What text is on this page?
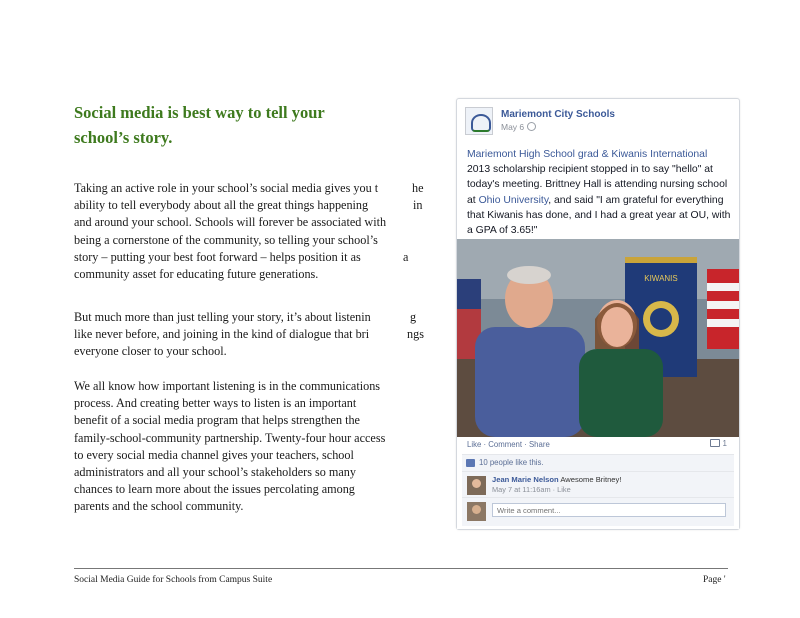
Social media is best way to tell your
school’s story.
Taking an active role in your school’s social media gives you t	he
ability to tell everybody about all the great things happening	in
and around your school. Schools will forever be associated with
being a cornerstone of the community, so telling your school’s
story – putting your best foot forward – helps position it as	a
community asset for educating future generations.
But much more than just telling your story, it’s about listenin	g
like never before, and joining in the kind of dialogue that bri	ngs
everyone closer to your school.
We all know how important listening is in the communications
process. And creating better ways to listen is an important
benefit of a social media program that helps strengthen the
family-school-community partnership. Twenty-four hour access
to every social media channel gives your teachers, school
administrators and all your school’s stakeholders so many
chances to learn more about the issues percolating among
parents and the school community.
Mariemont City Schools
May 6
Mariemont High School grad & Kiwanis International 2013 scholarship recipient stopped in to say "hello" at today's meeting. Brittney Hall is attending nursing school at Ohio University, and said "I am grateful for everything that Kiwanis has done, and I had a great year at OU, with a GPA of 3.65!"
KIWANIS
Like · Comment · Share	1
10 people like this.
Jean Marie Nelson Awesome Britney!
May 7 at 11:16am · Like
Write a comment...
Social Media Guide for Schools from Campus Suite	Page '
